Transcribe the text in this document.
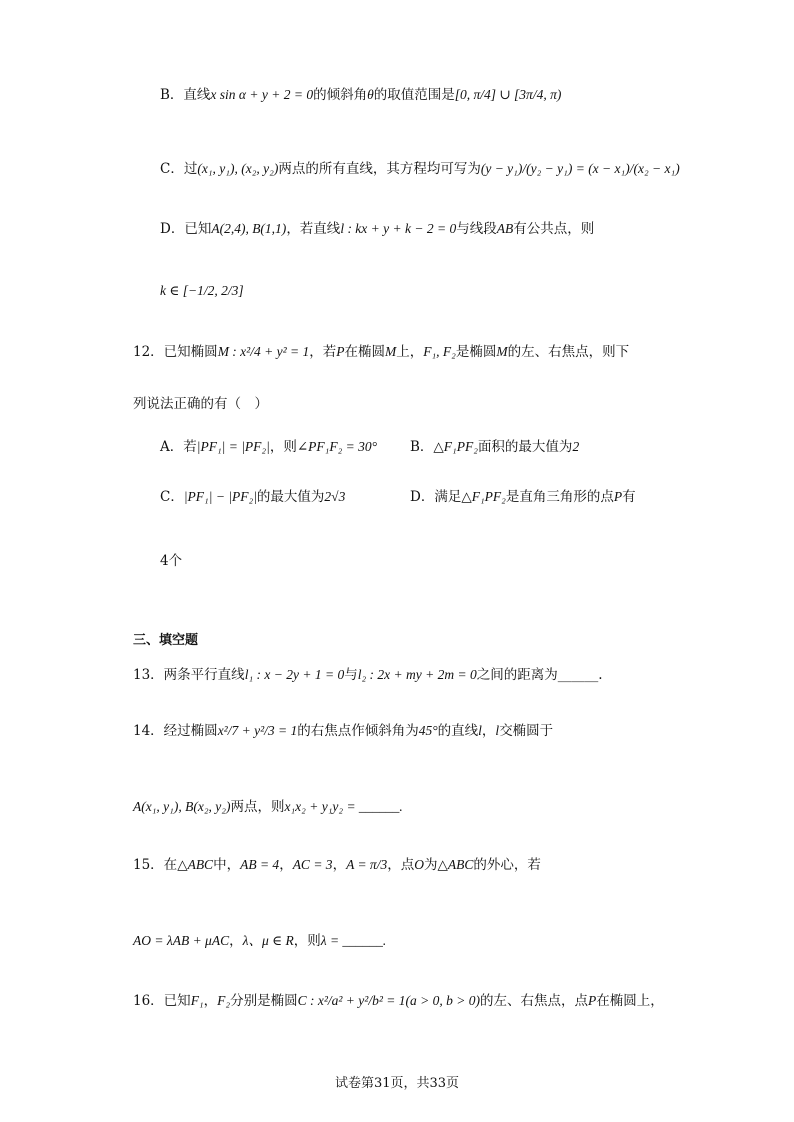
B．直线x sin α + y + 2 = 0的倾斜角θ的取值范围是[0, π/4] ∪ [3π/4, π)
C．过(x₁, y₁), (x₂, y₂)两点的所有直线，其方程均可写为(y − y₁)/(y₂ − y₁) = (x − x₁)/(x₂ − x₁)
D．已知A(2,4), B(1,1)，若直线l : kx + y + k − 2 = 0与线段AB有公共点，则
k ∈ [−1/2, 2/3]
12．已知椭圆M : x²/4 + y² = 1，若P在椭圆M上，F₁, F₂是椭圆M的左、右焦点，则下
列说法正确的有（　）
A．若|PF₁| = |PF₂|，则∠PF₁F₂ = 30° B．△F₁PF₂面积的最大值为2
C．|PF₁| − |PF₂|的最大值为2√3	D．满足△F₁PF₂是直角三角形的点P有
4个
三、填空题
13．两条平行直线l₁ : x − 2y + 1 = 0与l₂ : 2x + my + 2m = 0之间的距离为______.
14．经过椭圆x²/7 + y²/3 = 1的右焦点作倾斜角为45°的直线l，l交椭圆于
A(x₁, y₁), B(x₂, y₂)两点，则x₁x₂ + y₁y₂ = ______.
15．在△ABC中，AB = 4，AC = 3，A = π/3，点O为△ABC的外心，若
AO = λAB + μAC，λ、μ ∈ R，则λ = ______.
16．已知F₁，F₂分别是椭圆C : x²/a² + y²/b² = 1(a > 0, b > 0)的左、右焦点，点P在椭圆上，
试卷第31页，共33页
